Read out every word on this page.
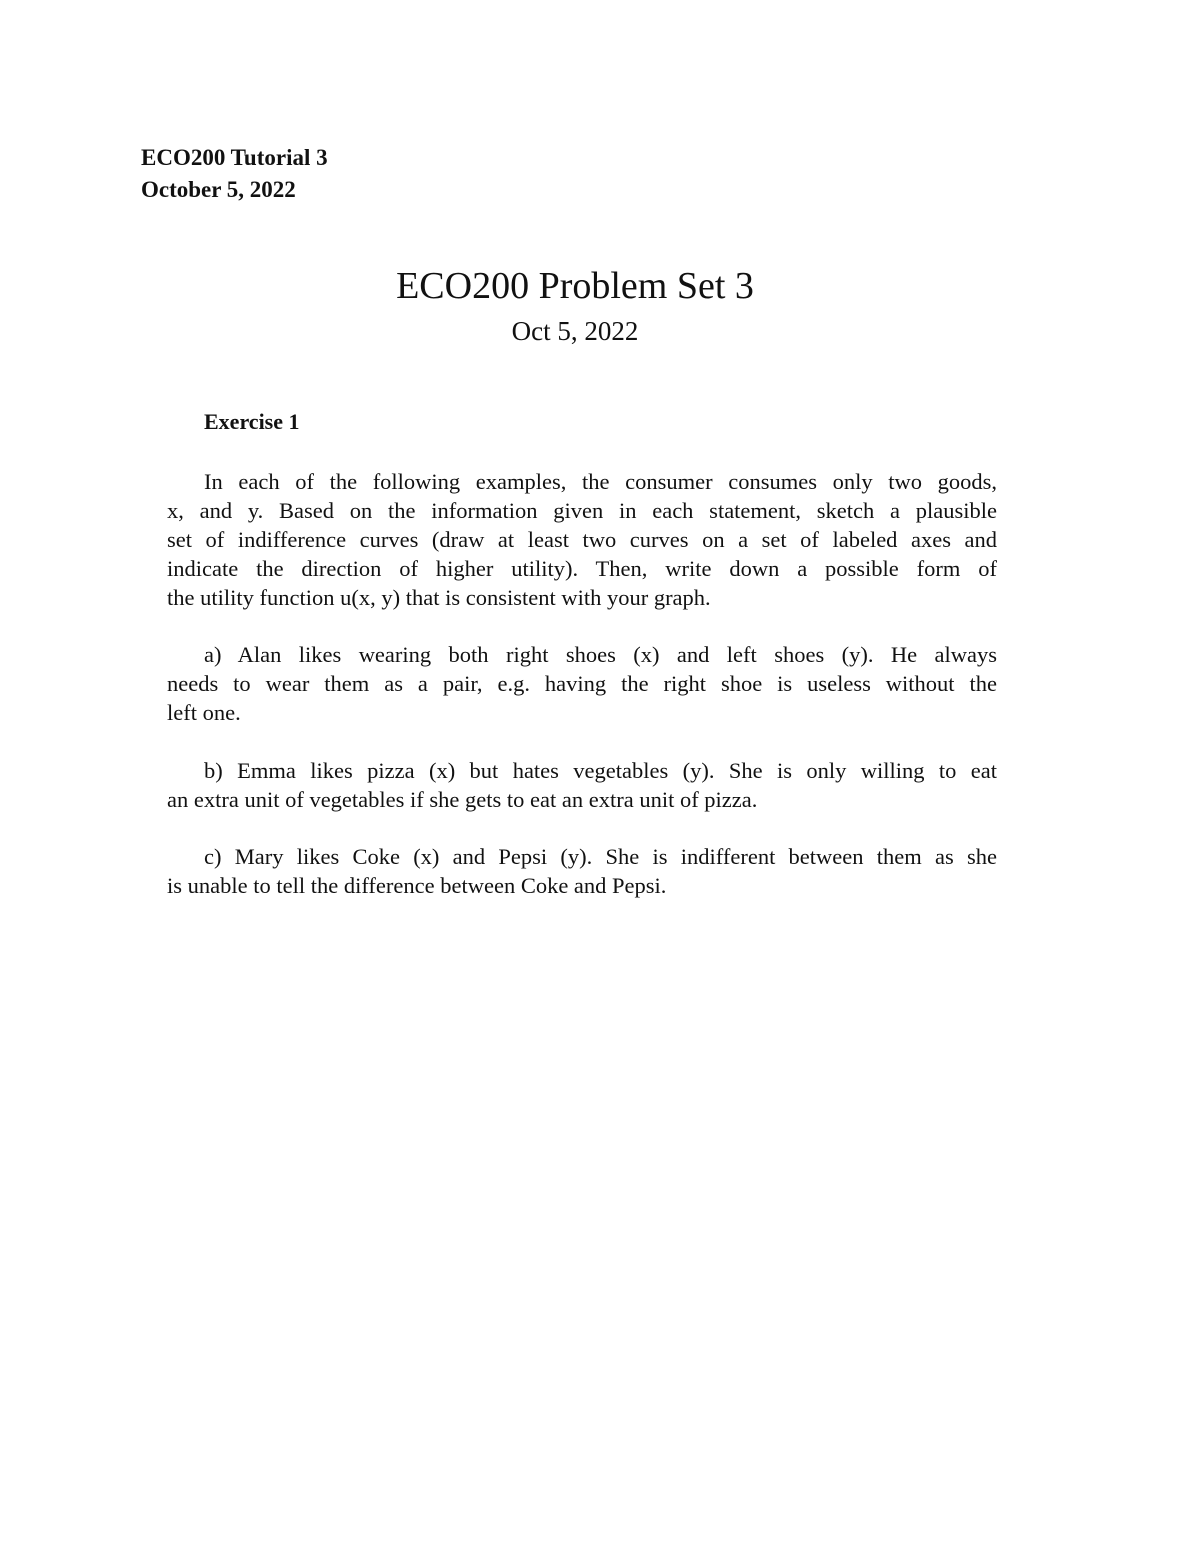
ECO200 Tutorial 3
October 5, 2022
ECO200 Problem Set 3
Oct 5, 2022
Exercise 1
In each of the following examples, the consumer consumes only two goods,
x, and y. Based on the information given in each statement, sketch a plausible
set of indifference curves (draw at least two curves on a set of labeled axes and
indicate the direction of higher utility). Then, write down a possible form of
the utility function u(x, y) that is consistent with your graph.
a) Alan likes wearing both right shoes (x) and left shoes (y). He always
needs to wear them as a pair, e.g. having the right shoe is useless without the
left one.
b) Emma likes pizza (x) but hates vegetables (y). She is only willing to eat
an extra unit of vegetables if she gets to eat an extra unit of pizza.
c) Mary likes Coke (x) and Pepsi (y). She is indifferent between them as she
is unable to tell the difference between Coke and Pepsi.
